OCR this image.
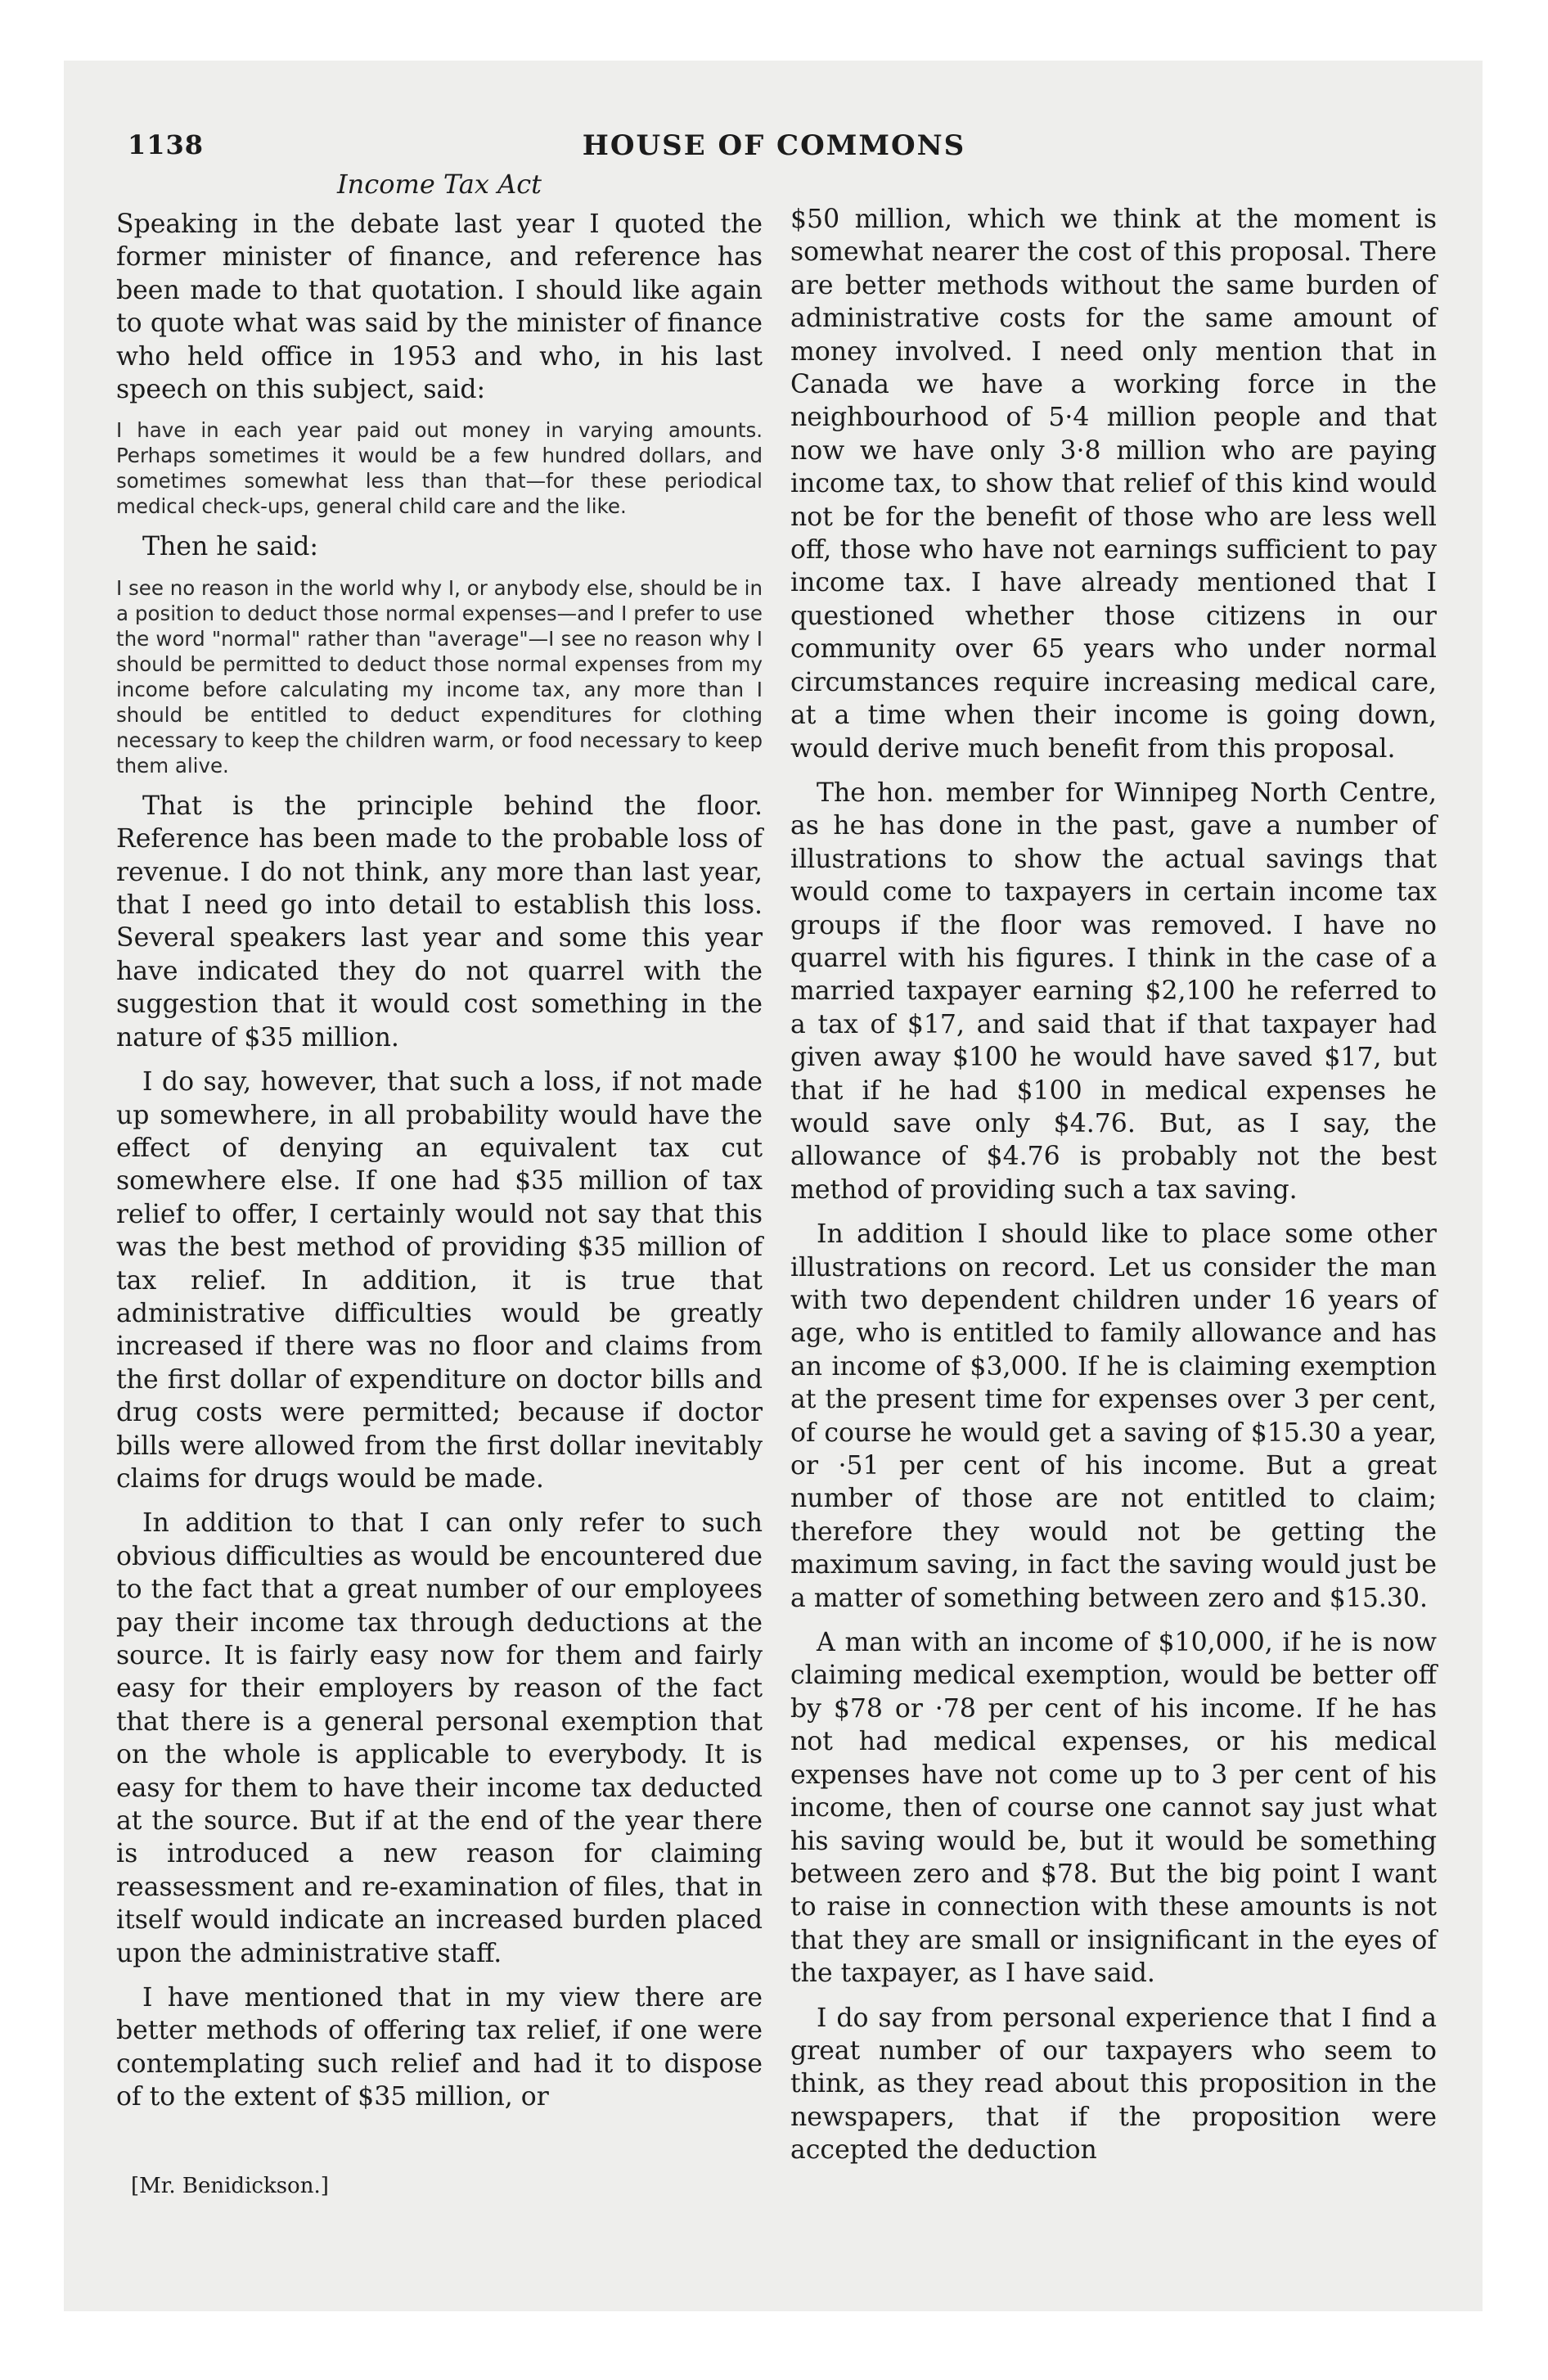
1138	HOUSE OF COMMONS
Income Tax Act

Speaking in the debate last year I quoted the former minister of finance, and reference has been made to that quotation. I should like again to quote what was said by the minister of finance who held office in 1953 and who, in his last speech on this subject, said:

I have in each year paid out money in varying amounts. Perhaps sometimes it would be a few hundred dollars, and sometimes somewhat less than that—for these periodical medical check-ups, general child care and the like.

Then he said:

I see no reason in the world why I, or anybody else, should be in a position to deduct those normal expenses—and I prefer to use the word "normal" rather than "average"—I see no reason why I should be permitted to deduct those normal expenses from my income before calculating my income tax, any more than I should be entitled to deduct expenditures for clothing necessary to keep the children warm, or food necessary to keep them alive.

That is the principle behind the floor. Reference has been made to the probable loss of revenue. I do not think, any more than last year, that I need go into detail to establish this loss. Several speakers last year and some this year have indicated they do not quarrel with the suggestion that it would cost something in the nature of $35 million.

I do say, however, that such a loss, if not made up somewhere, in all probability would have the effect of denying an equivalent tax cut somewhere else. If one had $35 million of tax relief to offer, I certainly would not say that this was the best method of providing $35 million of tax relief. In addition, it is true that administrative difficulties would be greatly increased if there was no floor and claims from the first dollar of expenditure on doctor bills and drug costs were permitted; because if doctor bills were allowed from the first dollar inevitably claims for drugs would be made.

In addition to that I can only refer to such obvious difficulties as would be encountered due to the fact that a great number of our employees pay their income tax through deductions at the source. It is fairly easy now for them and fairly easy for their employers by reason of the fact that there is a general personal exemption that on the whole is applicable to everybody. It is easy for them to have their income tax deducted at the source. But if at the end of the year there is introduced a new reason for claiming reassessment and re-examination of files, that in itself would indicate an increased burden placed upon the administrative staff.

I have mentioned that in my view there are better methods of offering tax relief, if one were contemplating such relief and had it to dispose of to the extent of $35 million, or

$50 million, which we think at the moment is somewhat nearer the cost of this proposal. There are better methods without the same burden of administrative costs for the same amount of money involved. I need only mention that in Canada we have a working force in the neighbourhood of 5·4 million people and that now we have only 3·8 million who are paying income tax, to show that relief of this kind would not be for the benefit of those who are less well off, those who have not earnings sufficient to pay income tax. I have already mentioned that I questioned whether those citizens in our community over 65 years who under normal circumstances require increasing medical care, at a time when their income is going down, would derive much benefit from this proposal.

The hon. member for Winnipeg North Centre, as he has done in the past, gave a number of illustrations to show the actual savings that would come to taxpayers in certain income tax groups if the floor was removed. I have no quarrel with his figures. I think in the case of a married taxpayer earning $2,100 he referred to a tax of $17, and said that if that taxpayer had given away $100 he would have saved $17, but that if he had $100 in medical expenses he would save only $4.76. But, as I say, the allowance of $4.76 is probably not the best method of providing such a tax saving.

In addition I should like to place some other illustrations on record. Let us consider the man with two dependent children under 16 years of age, who is entitled to family allowance and has an income of $3,000. If he is claiming exemption at the present time for expenses over 3 per cent, of course he would get a saving of $15.30 a year, or ·51 per cent of his income. But a great number of those are not entitled to claim; therefore they would not be getting the maximum saving, in fact the saving would just be a matter of something between zero and $15.30.

A man with an income of $10,000, if he is now claiming medical exemption, would be better off by $78 or ·78 per cent of his income. If he has not had medical expenses, or his medical expenses have not come up to 3 per cent of his income, then of course one cannot say just what his saving would be, but it would be something between zero and $78. But the big point I want to raise in connection with these amounts is not that they are small or insignificant in the eyes of the taxpayer, as I have said.

I do say from personal experience that I find a great number of our taxpayers who seem to think, as they read about this proposition in the newspapers, that if the proposition were accepted the deduction

[Mr. Benidickson.]
